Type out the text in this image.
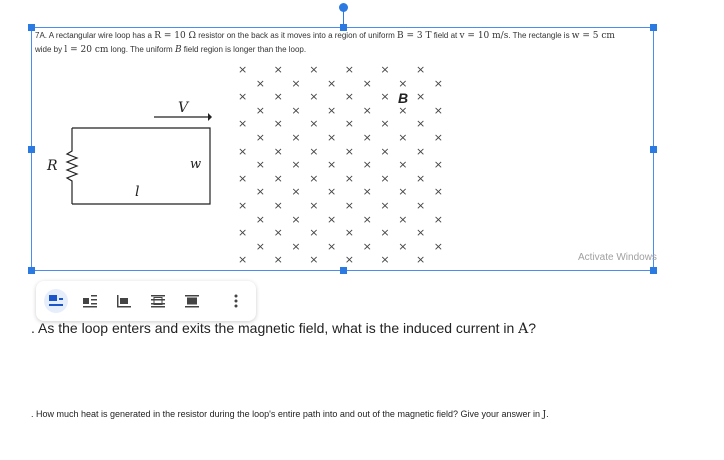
7A. A rectangular wire loop has a R = 10 Ω resistor on the back as it moves into a region of uniform B = 3 T field at v = 10 m/s. The rectangle is w = 5 cm
wide by l = 20 cm long. The uniform B field region is longer than the loop.
V
R	w
l
× × × × × ×
× × × × × ×
× × × × × ×
× × × × × ×
× × × × × ×
× × × × × ×
× × × × × ×
× × × × × ×
× × × × × ×
× × × × × ×
× × × × × ×
× × × × × ×
× × × × × ×
× × × × × ×
× × × × × ×
B
Activate Windows
. As the loop enters and exits the magnetic field, what is the induced current in A?
. How much heat is generated in the resistor during the loop's entire path into and out of the magnetic field? Give your answer in J.
